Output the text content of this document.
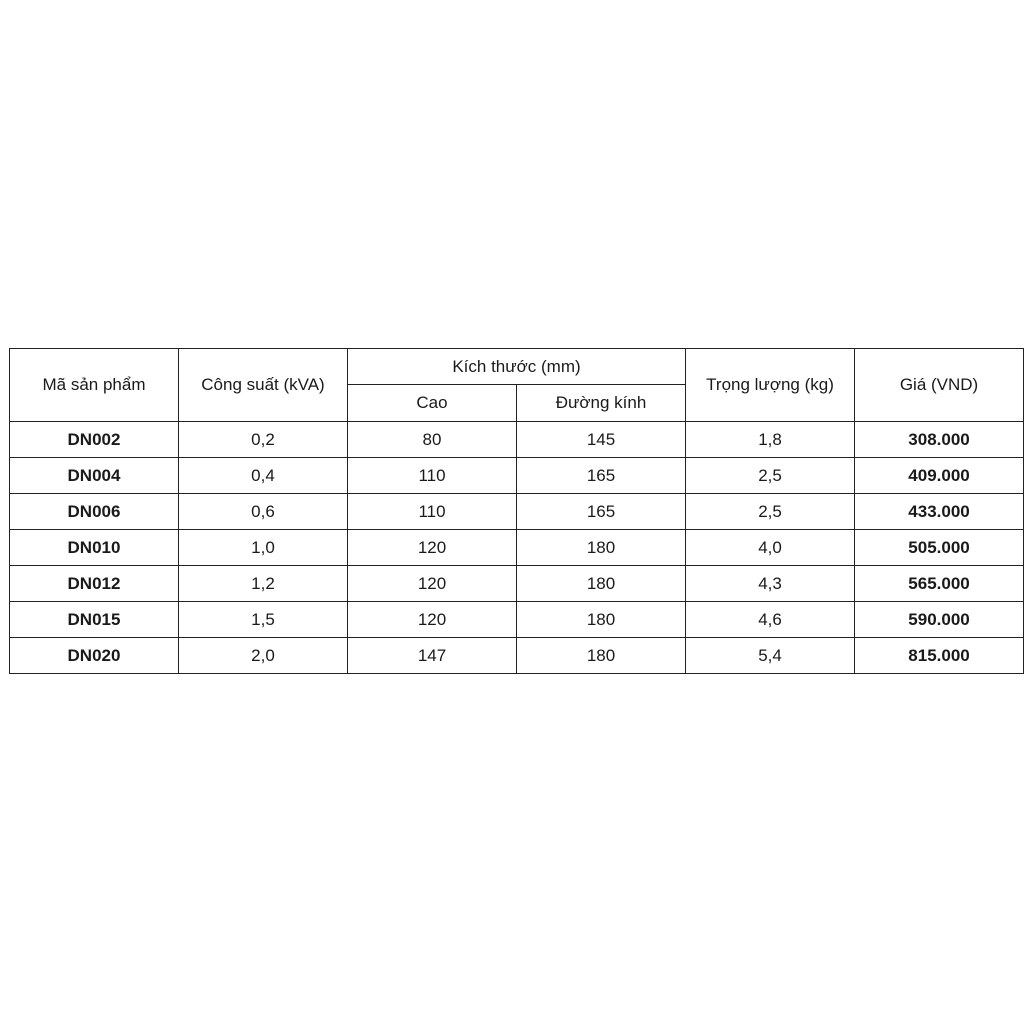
Mã sản phẩm	Công suất (kVA)	Kích thước (mm)		Trọng lượng (kg)	Giá (VND)
		Cao	Đường kính		
DN002	0,2	80	145	1,8	308.000
DN004	0,4	110	165	2,5	409.000
DN006	0,6	110	165	2,5	433.000
DN010	1,0	120	180	4,0	505.000
DN012	1,2	120	180	4,3	565.000
DN015	1,5	120	180	4,6	590.000
DN020	2,0	147	180	5,4	815.000
